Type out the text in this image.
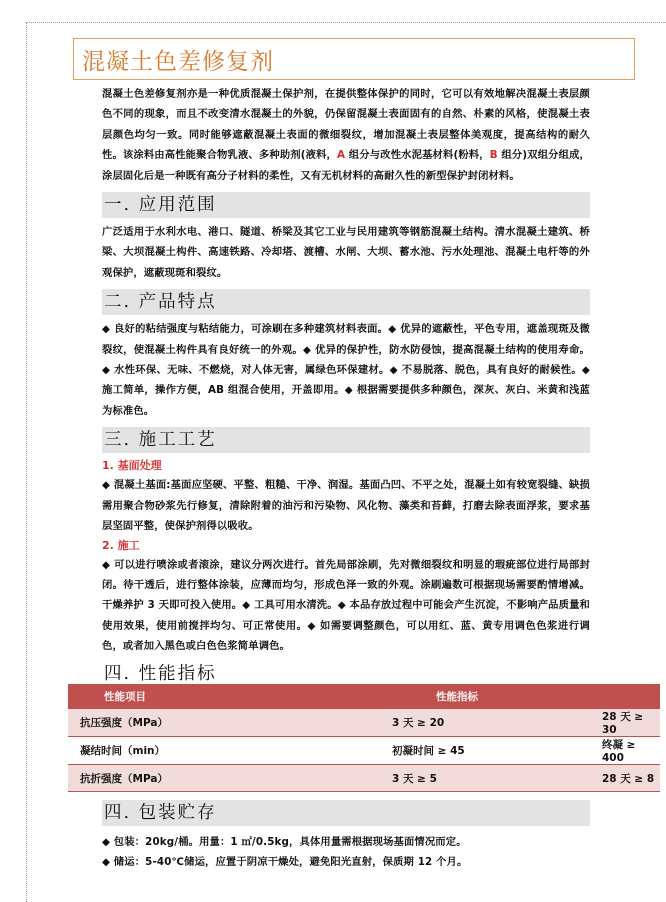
混凝土色差修复剂

混凝土色差修复剂亦是一种优质混凝土保护剂，在提供整体保护的同时，它可以有效地解决混凝土表层颜色不同的现象，而且不改变清水混凝土的外貌，仍保留混凝土表面固有的自然、朴素的风格，使混凝土表层颜色均匀一致。同时能够遮蔽混凝土表面的微细裂纹，增加混凝土表层整体美观度，提高结构的耐久性。该涂料由高性能聚合物乳液、多种助剂(液料，A 组分与改性水泥基材料(粉料，B 组分)双组分组成，涂层固化后是一种既有高分子材料的柔性，又有无机材料的高耐久性的新型保护封闭材料。

一. 应用范围

广泛适用于水利水电、港口、隧道、桥梁及其它工业与民用建筑等钢筋混凝土结构。清水混凝土建筑、桥梁、大坝混凝土构件、高速铁路、冷却塔、渡槽、水闸、大坝、蓄水池、污水处理池、混凝土电杆等的外观保护，遮蔽现斑和裂纹。

二. 产品特点

◆ 良好的粘结强度与粘结能力，可涂刷在多种建筑材料表面。◆ 优异的遮蔽性，平色专用，遮盖现斑及微裂纹，使混凝土构件具有良好统一的外观。◆ 优异的保护性，防水防侵蚀，提高混凝土结构的使用寿命。◆ 水性环保、无味、不燃烧，对人体无害，属绿色环保建材。◆ 不易脱落、脱色，具有良好的耐候性。◆ 施工简单，操作方便，AB 组混合使用，开盖即用。◆ 根据需要提供多种颜色，深灰、灰白、米黄和浅蓝为标准色。

三. 施工工艺

1. 基面处理

◆ 混凝土基面:基面应坚硬、平整、粗糙、干净、润湿。基面凸凹、不平之处，混凝土如有较宽裂缝、缺损需用聚合物砂浆先行修复，清除附着的油污和污染物、风化物、藻类和苔藓，打磨去除表面浮浆，要求基层坚固平整，使保护剂得以吸收。

2. 施工

◆ 可以进行喷涂或者滚涂，建议分两次进行。首先局部涂刷，先对微细裂纹和明显的瑕疵部位进行局部封闭。待干透后，进行整体涂装，应薄而均匀，形成色泽一致的外观。涂刷遍数可根据现场需要酌情增减。干燥养护 3 天即可投入使用。◆ 工具可用水清洗。◆ 本品存放过程中可能会产生沉淀，不影响产品质量和使用效果，使用前搅拌均匀、可正常使用。◆ 如需要调整颜色，可以用红、蓝、黄专用调色色浆进行调色，或者加入黑色或白色色浆简单调色。

四. 性能指标
性能项目	性能指标	
抗压强度（MPa）	3 天 ≥ 20	28 天 ≥ 30
凝结时间（min）	初凝时间 ≥ 45	终凝 ≥ 400
抗折强度（MPa）	3 天 ≥ 5	28 天 ≥ 8
四. 包装贮存

◆ 包装：20kg/桶。用量：1 ㎡/0.5kg，具体用量需根据现场基面情况而定。

◆ 储运：5-40℃储运，应置于阴凉干燥处，避免阳光直射，保质期 12 个月。
